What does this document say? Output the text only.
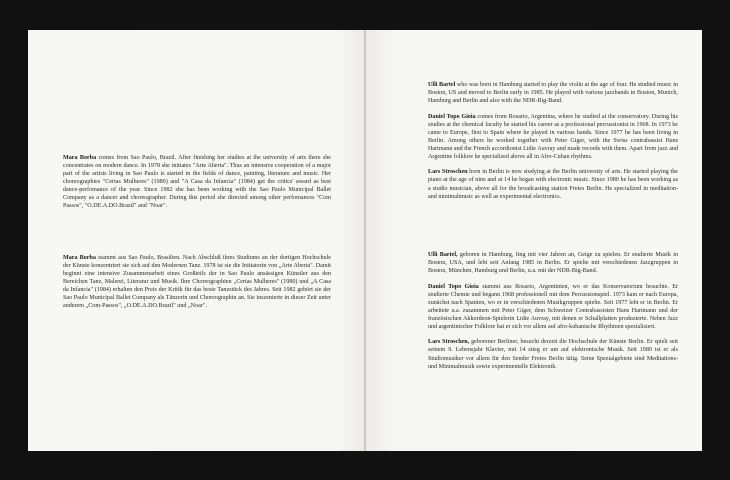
Mara Borba comes from Sao Paulo, Brazil. After finishing her studies at the university of arts there she concentrates on modern dance. In 1978 she initiates "Arte Aberta". Thus an intensive cooperation of a major part of the artists living in Sao Paulo is started in the fields of dance, painting, literature and music. Her choreographies "Certas Mulheres" (1980) and "A Casa da Infancia" (1984) get the critics' award as best dance-perfomance of the year. Since 1982 she has been working with the Sao Paulo Municipal Ballet Company as a dancer and choreographer. During this period she directed among other perfomances "Com Passos", "O.DE.A.DO.Brazil" and "Noar".

Mara Borba stammt aus Sao Paulo, Brasilien. Nach Abschluß ihres Studiums an der dortigen Hochschule der Künste konzentriert sie sich auf den Modernen Tanz. 1978 ist sie die Initiatorin von „Arte Aberta". Damit beginnt eine intensive Zusammenarbeit eines Großteils der in Sao Paulo ansässigen Künstler aus den Bereichen Tanz, Malerei, Literatur und Musik. Ihre Choreographien „Certas Mulheres" (1980) und „A Casa da Infancia" (1984) erhalten den Preis der Kritik für das beste Tanzstück des Jahres. Seit 1982 gehört sie der Sao Paulo Municipal Ballet Company als Tänzerin und Choreographin an. Sie inszenierte in dieser Zeit unter anderem „Com-Passos", „O.DE.A.DO.Brazil" und „Noar".

Ulli Bartel who was born in Hamburg started to play the violin at the age of four. He studied music in Boston, US and moved to Berlin early in 1985. He played with various jazzbands in Boston, Munich, Hamburg and Berlin and also with the NDR-Big-Band.

Daniel Topo Gioia comes from Rosario, Argentina, where he studied at the conservatory. During his studies at the chemical faculty he started his career as a professional percussionist in 1968. In 1973 he came to Europe, first to Spain where he played in various bands. Since 1977 he has been living in Berlin. Among others he worked together with Peter Giger, with the Swiss contrabassist Hans Hartmann and the French accordionist Lidie Auvray and made records with them. Apart from jazz and Argentine folklore he specialized above all in Afro-Cuban rhythms.

Lars Stroschen born in Berlin is now studying at the Berlin university of arts. He started playing the piano at the age of nine and at 14 he began with electronic music. Since 1980 he has been working as a studio musician, above all for the broadcasting station Freies Berlin. He specialized in meditation- and minimalmusic as well as experimental electronics.

Ulli Bartel, geboren in Hamburg, fing mit vier Jahren an, Geige zu spielen. Er studierte Musik in Boston, USA, und lebt seit Anfang 1985 in Berlin. Er spielte mit verschiedenen Jazzgruppen in Boston, München, Hamburg und Berlin, u.a. mit der NDR-Big-Band.

Daniel Topo Gioia stammt aus Rosario, Argentinien, wo er das Konservatorium besuchte. Er studierte Chemie und begann 1968 professionell mit dem Percussionspiel. 1973 kam er nach Europa, zunächst nach Spanien, wo er in verschiedenen Musikgruppen spielte. Seit 1977 lebt er in Berlin. Er arbeitete u.a. zusammen mit Peter Giger, dem Schweizer Contrabassisten Hans Hartmann und der französischen Akkordeon-Spielerin Lidie Auvray, mit denen er Schallplatten produzierte. Neben Jazz und argentinischer Folklore hat er sich vor allem auf afro-kubanische Rhythmen spezialisiert.

Lars Stroschen, geborener Berliner, besucht derzeit die Hochschule der Künste Berlin. Er spielt seit seinem 9. Lebensjahr Klavier, mit 14 stieg er um auf elektronische Musik. Seit 1980 ist er als Studiomusiker vor allem für den Sender Freies Berlin tätig. Seine Spezialgebiete sind Meditations- und Minimalmusik sowie experimentelle Elektronik.
